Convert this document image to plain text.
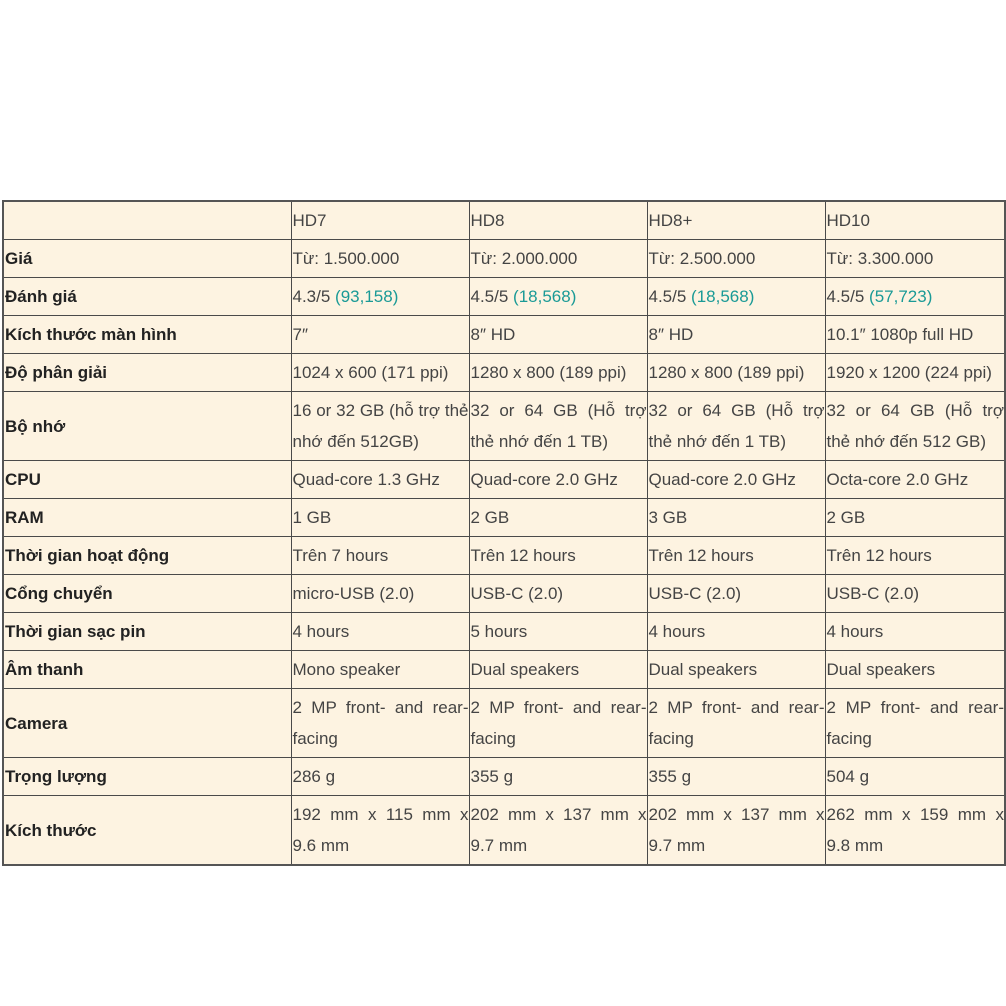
	HD7	HD8	HD8+	HD10
Giá	Từ: 1.500.000	Từ: 2.000.000	Từ: 2.500.000	Từ: 3.300.000
Đánh giá	4.3/5 (93,158)	4.5/5 (18,568)	4.5/5 (18,568)	4.5/5 (57,723)
Kích thước màn hình	7″	8″ HD	8″ HD	10.1″ 1080p full HD
Độ phân giải	1024 x 600 (171 ppi)	1280 x 800 (189 ppi)	1280 x 800 (189 ppi)	1920 x 1200 (224 ppi)
Bộ nhớ	16 or 32 GB (hỗ trợ thẻ nhớ đến 512GB)	32 or 64 GB (Hỗ trợ thẻ nhớ đến 1 TB)	32 or 64 GB (Hỗ trợ thẻ nhớ đến 1 TB)	32 or 64 GB (Hỗ trợ thẻ nhớ đến 512 GB)
CPU	Quad-core 1.3 GHz	Quad-core 2.0 GHz	Quad-core 2.0 GHz	Octa-core 2.0 GHz
RAM	1 GB	2 GB	3 GB	2 GB
Thời gian hoạt động	Trên 7 hours	Trên 12 hours	Trên 12 hours	Trên 12 hours
Cổng chuyển	micro-USB (2.0)	USB-C (2.0)	USB-C (2.0)	USB-C (2.0)
Thời gian sạc pin	4 hours	5 hours	4 hours	4 hours
Âm thanh	Mono speaker	Dual speakers	Dual speakers	Dual speakers
Camera	2 MP front- and rear-facing	2 MP front- and rear-facing	2 MP front- and rear-facing	2 MP front- and rear-facing
Trọng lượng	286 g	355 g	355 g	504 g
Kích thước	192 mm x 115 mm x 9.6 mm	202 mm x 137 mm x 9.7 mm	202 mm x 137 mm x 9.7 mm	262 mm x 159 mm x 9.8 mm
